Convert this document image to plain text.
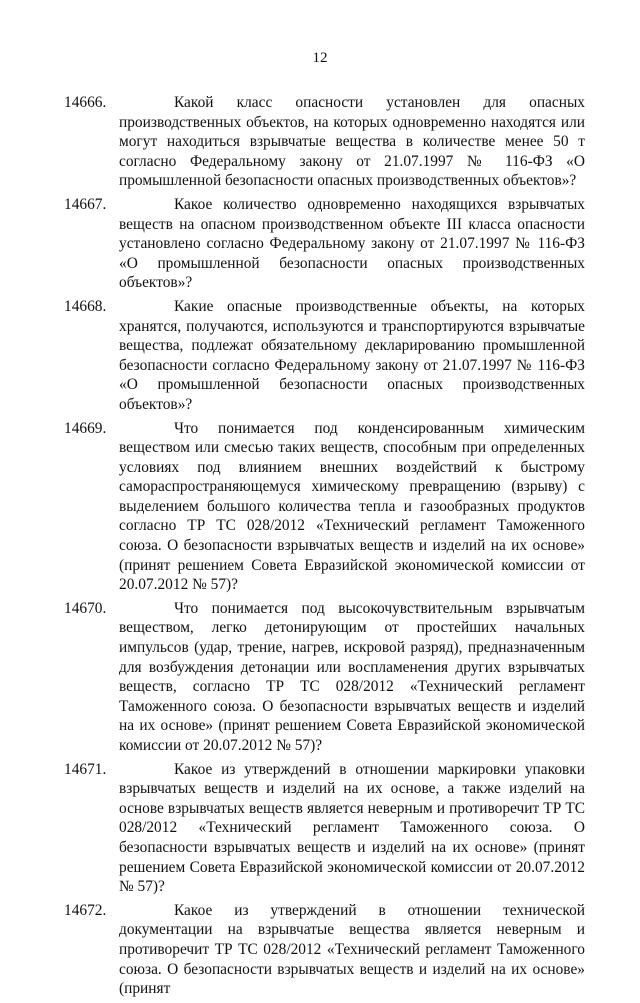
12

14666.	Какой класс опасности установлен для опасных производственных объектов, на которых одновременно находятся или могут находиться взрывчатые вещества в количестве менее 50 т согласно Федеральному закону от 21.07.1997 № 116-ФЗ «О промышленной безопасности опасных производственных объектов»?

14667.	Какое количество одновременно находящихся взрывчатых веществ на опасном производственном объекте III класса опасности установлено согласно Федеральному закону от 21.07.1997 № 116-ФЗ «О промышленной безопасности опасных производственных объектов»?

14668.	Какие опасные производственные объекты, на которых хранятся, получаются, используются и транспортируются взрывчатые вещества, подлежат обязательному декларированию промышленной безопасности согласно Федеральному закону от 21.07.1997 № 116-ФЗ «О промышленной безопасности опасных производственных объектов»?

14669.	Что понимается под конденсированным химическим веществом или смесью таких веществ, способным при определенных условиях под влиянием внешних воздействий к быстрому самораспространяющемуся химическому превращению (взрыву) с выделением большого количества тепла и газообразных продуктов согласно ТР ТС 028/2012 «Технический регламент Таможенного союза. О безопасности взрывчатых веществ и изделий на их основе» (принят решением Совета Евразийской экономической комиссии от 20.07.2012 № 57)?

14670.	Что понимается под высокочувствительным взрывчатым веществом, легко детонирующим от простейших начальных импульсов (удар, трение, нагрев, искровой разряд), предназначенным для возбуждения детонации или воспламенения других взрывчатых веществ, согласно ТР ТС 028/2012 «Технический регламент Таможенного союза. О безопасности взрывчатых веществ и изделий на их основе» (принят решением Совета Евразийской экономической комиссии от 20.07.2012 № 57)?

14671.	Какое из утверждений в отношении маркировки упаковки взрывчатых веществ и изделий на их основе, а также изделий на основе взрывчатых веществ является неверным и противоречит ТР ТС 028/2012 «Технический регламент Таможенного союза. О безопасности взрывчатых веществ и изделий на их основе» (принят решением Совета Евразийской экономической комиссии от 20.07.2012 № 57)?

14672.	Какое из утверждений в отношении технической документации на взрывчатые вещества является неверным и противоречит ТР ТС 028/2012 «Технический регламент Таможенного союза. О безопасности взрывчатых веществ и изделий на их основе» (принят
